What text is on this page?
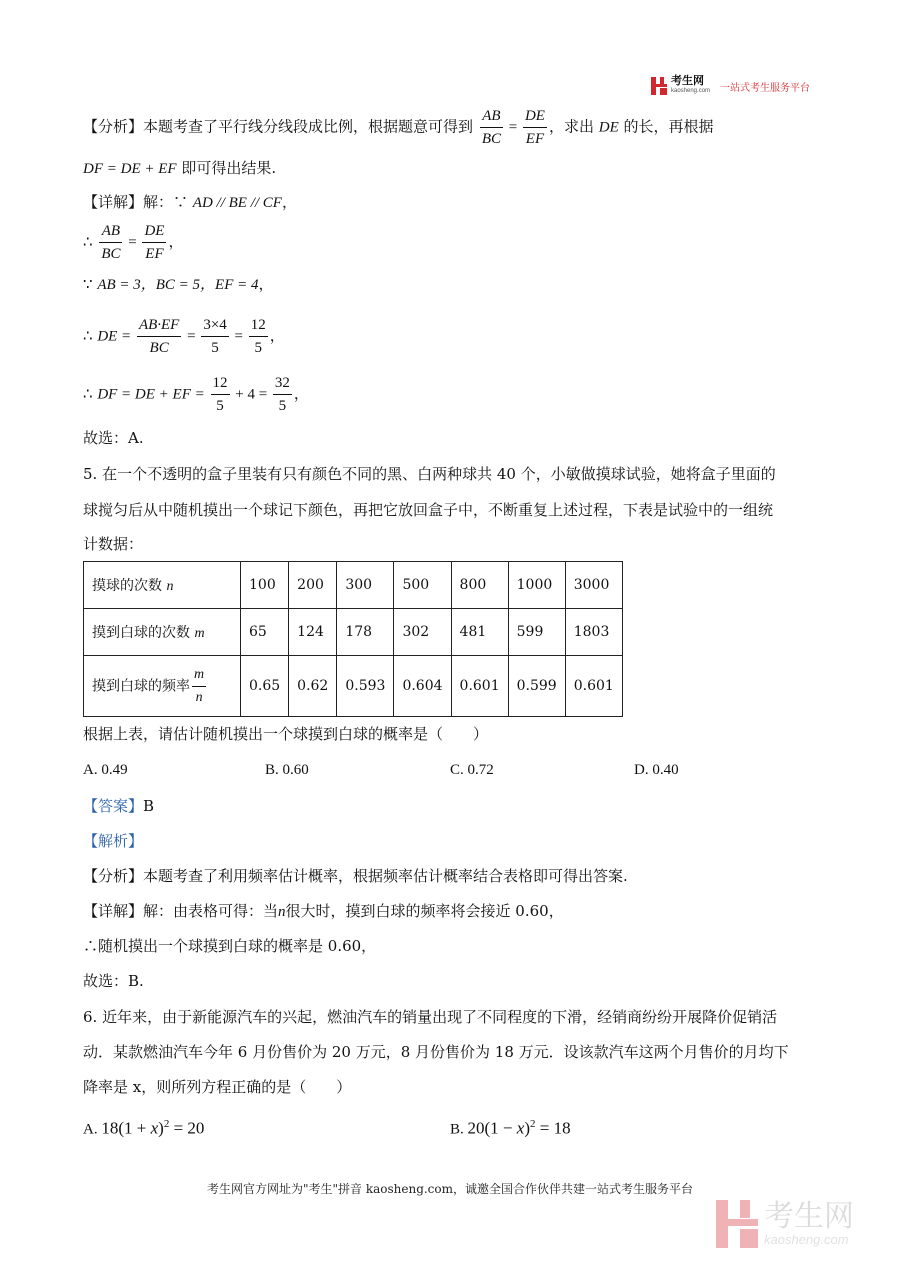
考生网
kaosheng.com 一站式考生服务平台
【分析】本题考查了平行线分线段成比例，根据题意可得到 $\frac{AB}{BC} = \frac{DE}{EF}$ ，求出 DE 的长，再根据
DF = DE + EF 即可得出结果.
【详解】解：∵ AD // BE // CF，
∴ $\frac{AB}{BC} = \frac{DE}{EF}$ ，
∵ AB = 3，BC = 5，EF = 4，
∴ DE = $\frac{AB\cdot EF}{BC} = \frac{3\times 4}{5} = \frac{12}{5}$ ，
∴ DF = DE + EF = $\frac{12}{5} + 4 = \frac{32}{5}$ ，
故选：A.
5. 在一个不透明的盒子里装有只有颜色不同的黑、白两种球共 40 个，小敏做摸球试验，她将盒子里面的
球搅匀后从中随机摸出一个球记下颜色，再把它放回盒子中，不断重复上述过程，下表是试验中的一组统
计数据：
摸球的次数 n	100	200	300	500	800	1000	3000
摸到白球的次数 m	65	124	178	302	481	599	1803
摸到白球的频率 $\frac{m}{n}$	0.65	0.62	0.593	0.604	0.601	0.599	0.601
根据上表，请估计随机摸出一个球摸到白球的概率是（　　）
A. 0.49	B. 0.60	C. 0.72	D. 0.40
【答案】B
【解析】
【分析】本题考查了利用频率估计概率，根据频率估计概率结合表格即可得出答案.
【详解】解：由表格可得：当n很大时，摸到白球的频率将会接近 0.60，
∴随机摸出一个球摸到白球的概率是 0.60，
故选：B.
6. 近年来，由于新能源汽车的兴起，燃油汽车的销量出现了不同程度的下滑，经销商纷纷开展降价促销活
动．某款燃油汽车今年 6 月份售价为 20 万元，8 月份售价为 18 万元．设该款汽车这两个月售价的月均下
降率是 x，则所列方程正确的是（　　）
A. $18(1 + x)^2 = 20$	B. $20(1 - x)^2 = 18$
考生网官方网址为"考生"拼音 kaosheng.com，诚邀全国合作伙伴共建一站式考生服务平台
考生网
kaosheng.com
